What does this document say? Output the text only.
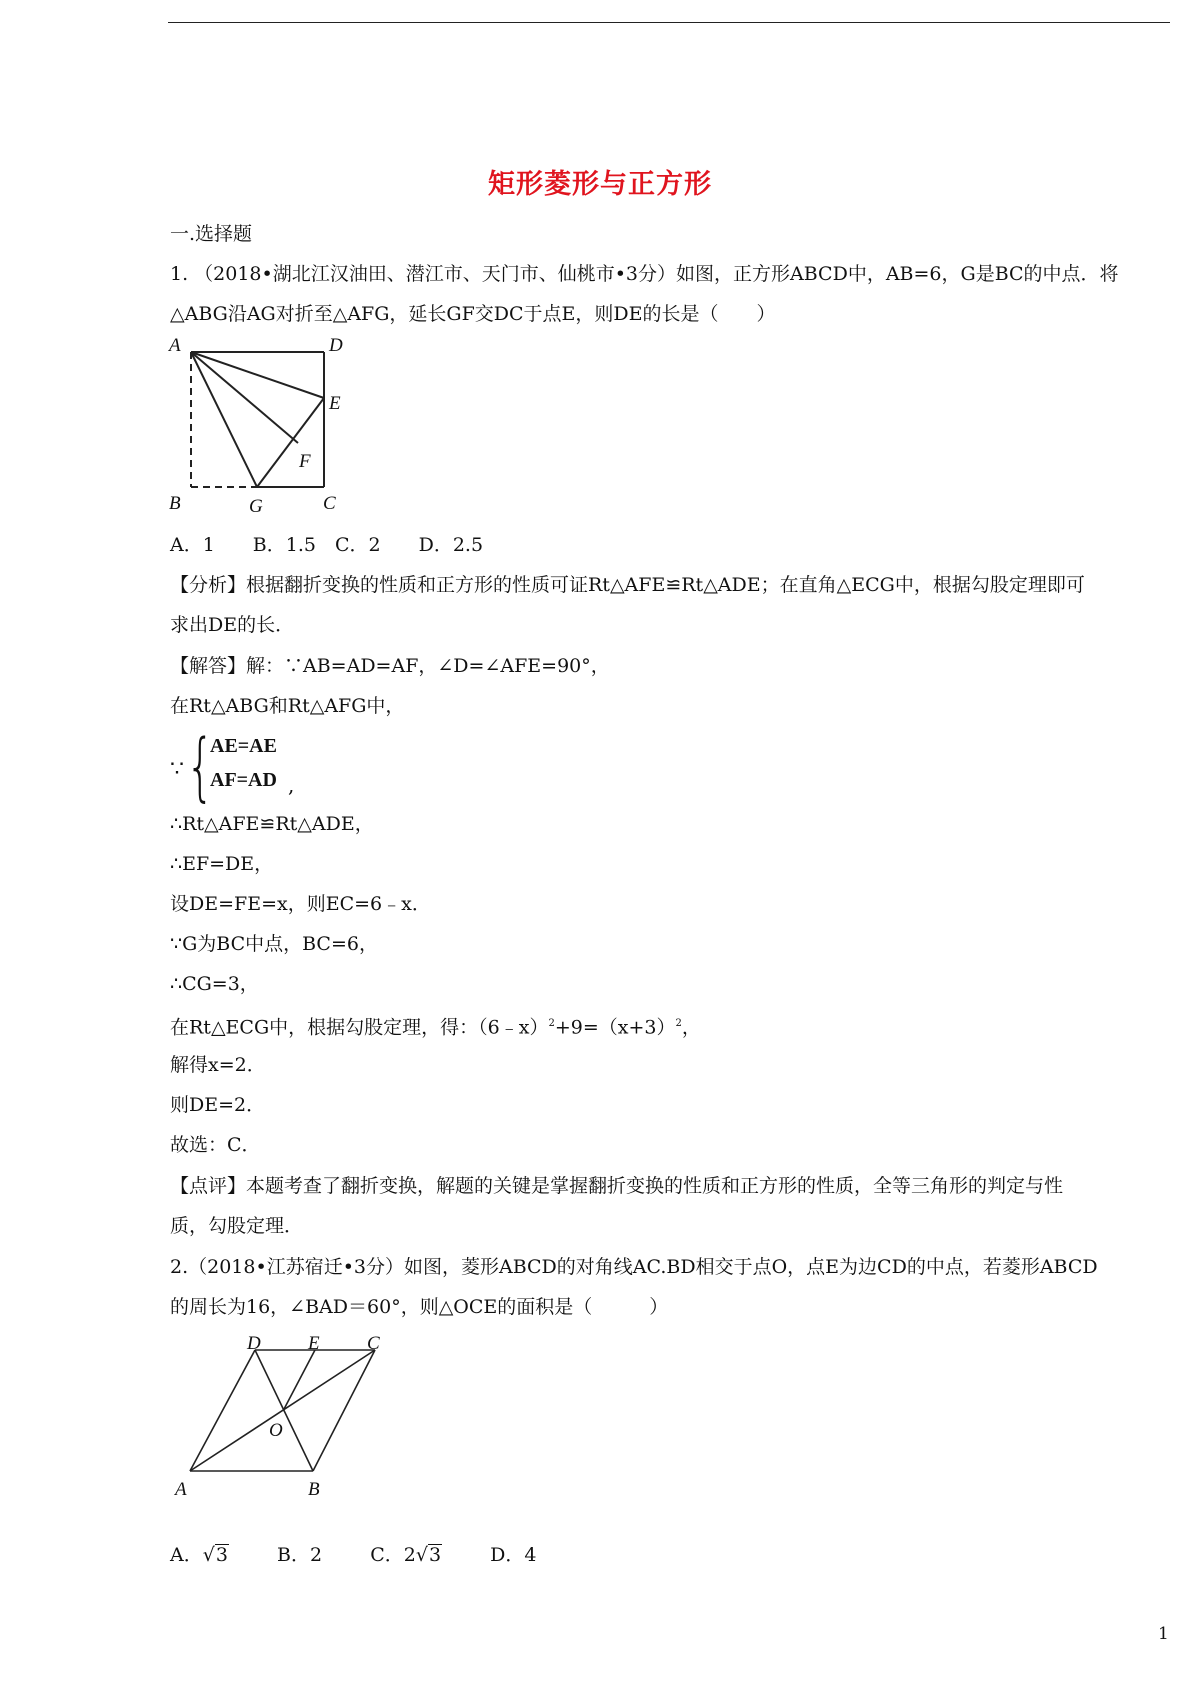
矩形菱形与正方形
一.选择题
1. （2018•湖北江汉油田、潜江市、天门市、仙桃市•3分）如图，正方形ABCD中，AB=6，G是BC的中点．将
△ABG沿AG对折至△AFG，延长GF交DC于点E，则DE的长是（　　）
A	D
E
F
B	G	C
A．1　　B．1.5　C．2　　D．2.5
【分析】根据翻折变换的性质和正方形的性质可证Rt△AFE≌Rt△ADE；在直角△ECG中，根据勾股定理即可
求出DE的长．
【解答】解：∵AB=AD=AF，∠D=∠AFE=90°，
在Rt△ABG和Rt△AFG中，
∵ {
AE=AE
AF=AD ,
∴Rt△AFE≌Rt△ADE，
∴EF=DE，
设DE=FE=x，则EC=6﹣x．
∵G为BC中点，BC=6，
∴CG=3，
在Rt△ECG中，根据勾股定理，得：$(6﹣x)^2+9=(x+3)^2$，
解得x=2．
则DE=2．
故选：C．
【点评】本题考查了翻折变换，解题的关键是掌握翻折变换的性质和正方形的性质，全等三角形的判定与性
质，勾股定理．
2.（2018•江苏宿迁•3分）如图，菱形ABCD的对角线AC.BD相交于点O，点E为边CD的中点，若菱形ABCD
的周长为16，∠BAD＝60°，则△OCE的面积是（　　　）
D E C
O
A	B
A．√3	B．2	C．2√3	D．4
1
